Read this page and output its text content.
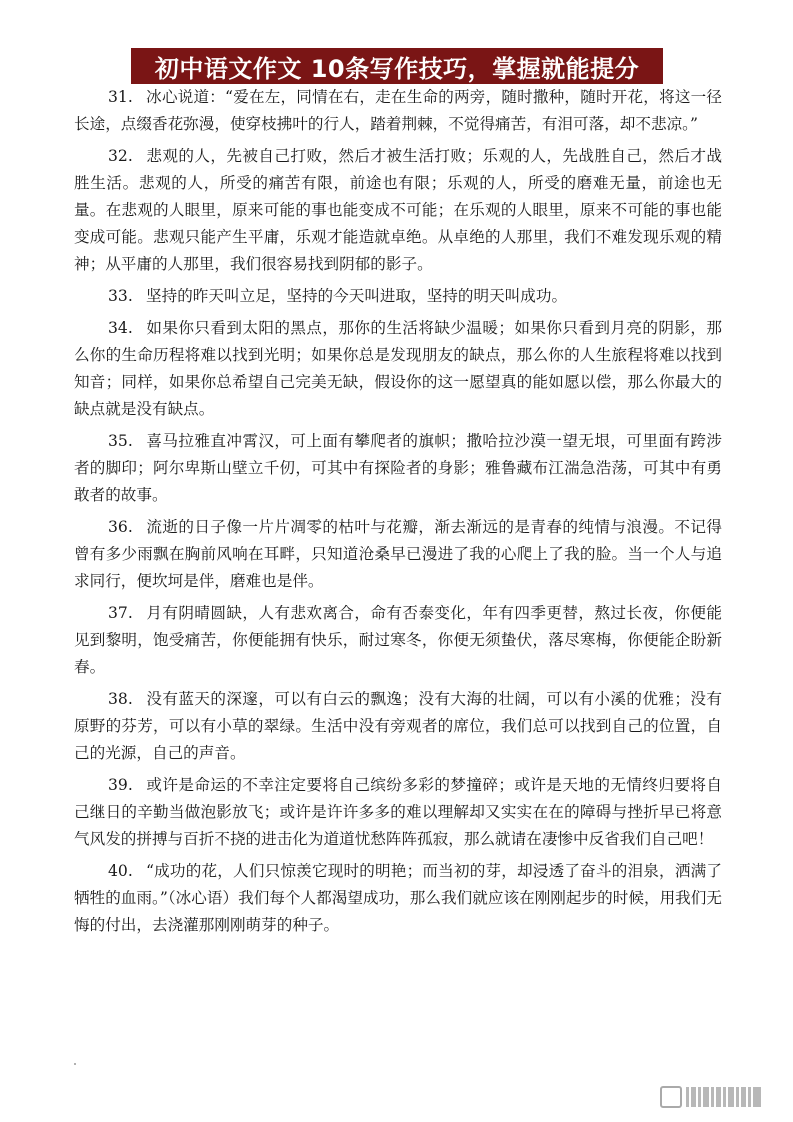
初中语文作文 10条写作技巧，掌握就能提分

31. 冰心说道：“爱在左，同情在右，走在生命的两旁，随时撒种，随时开花，将这一径长途，点缀香花弥漫，使穿枝拂叶的行人，踏着荆棘，不觉得痛苦，有泪可落，却不悲凉。”

32. 悲观的人，先被自己打败，然后才被生活打败；乐观的人，先战胜自己，然后才战胜生活。悲观的人，所受的痛苦有限，前途也有限；乐观的人，所受的磨难无量，前途也无量。在悲观的人眼里，原来可能的事也能变成不可能；在乐观的人眼里，原来不可能的事也能变成可能。悲观只能产生平庸，乐观才能造就卓绝。从卓绝的人那里，我们不难发现乐观的精神；从平庸的人那里，我们很容易找到阴郁的影子。

33. 坚持的昨天叫立足，坚持的今天叫进取，坚持的明天叫成功。

34. 如果你只看到太阳的黑点，那你的生活将缺少温暖；如果你只看到月亮的阴影，那么你的生命历程将难以找到光明；如果你总是发现朋友的缺点，那么你的人生旅程将难以找到知音；同样，如果你总希望自己完美无缺，假设你的这一愿望真的能如愿以偿，那么你最大的缺点就是没有缺点。

35. 喜马拉雅直冲霄汉，可上面有攀爬者的旗帜；撒哈拉沙漠一望无垠，可里面有跨涉者的脚印；阿尔卑斯山壁立千仞，可其中有探险者的身影；雅鲁藏布江湍急浩荡，可其中有勇敢者的故事。

36. 流逝的日子像一片片凋零的枯叶与花瓣，渐去渐远的是青春的纯情与浪漫。不记得曾有多少雨飘在胸前风响在耳畔，只知道沧桑早已漫进了我的心爬上了我的脸。当一个人与追求同行，便坎坷是伴，磨难也是伴。

37. 月有阴晴圆缺，人有悲欢离合，命有否泰变化，年有四季更替，熬过长夜，你便能见到黎明，饱受痛苦，你便能拥有快乐，耐过寒冬，你便无须蛰伏，落尽寒梅，你便能企盼新春。

38. 没有蓝天的深邃，可以有白云的飘逸；没有大海的壮阔，可以有小溪的优雅；没有原野的芬芳，可以有小草的翠绿。生活中没有旁观者的席位，我们总可以找到自己的位置，自己的光源，自己的声音。

39. 或许是命运的不幸注定要将自己缤纷多彩的梦撞碎；或许是天地的无情终归要将自己继日的辛勤当做泡影放飞；或许是许许多多的难以理解却又实实在在的障碍与挫折早已将意气风发的拼搏与百折不挠的进击化为道道忧愁阵阵孤寂，那么就请在凄惨中反省我们自己吧！

40. “成功的花，人们只惊羡它现时的明艳；而当初的芽，却浸透了奋斗的泪泉，洒满了牺牲的血雨。”（冰心语）我们每个人都渴望成功，那么我们就应该在刚刚起步的时候，用我们无悔的付出，去浇灌那刚刚萌芽的种子。
